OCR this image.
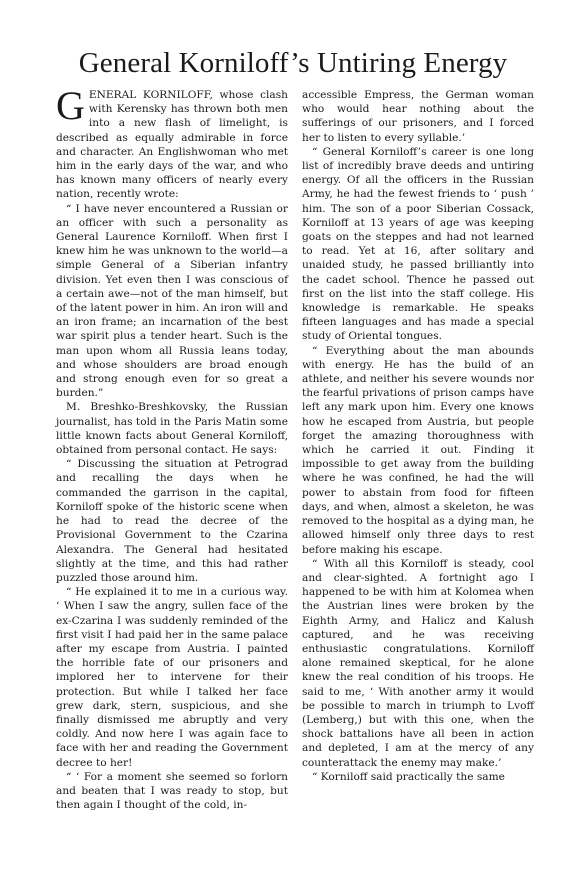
General Korniloff’s Untiring Energy

GENERAL KORNILOFF, whose clash with Kerensky has thrown both men into a new flash of limelight, is described as equally admirable in force and character. An Englishwoman who met him in the early days of the war, and who has known many officers of nearly every nation, recently wrote:

“ I have never encountered a Russian or an officer with such a personality as General Laurence Korniloff. When first I knew him he was unknown to the world—a simple General of a Siberian infantry division. Yet even then I was conscious of a certain awe—not of the man himself, but of the latent power in him. An iron will and an iron frame; an incarnation of the best war spirit plus a tender heart. Such is the man upon whom all Russia leans today, and whose shoulders are broad enough and strong enough even for so great a burden.”

M. Breshko-Breshkovsky, the Russian journalist, has told in the Paris Matin some little known facts about General Korniloff, obtained from personal contact. He says:

“ Discussing the situation at Petrograd and recalling the days when he commanded the garrison in the capital, Korniloff spoke of the historic scene when he had to read the decree of the Provisional Government to the Czarina Alexandra. The General had hesitated slightly at the time, and this had rather puzzled those around him.

“ He explained it to me in a curious way. ‘ When I saw the angry, sullen face of the ex-Czarina I was suddenly reminded of the first visit I had paid her in the same palace after my escape from Austria. I painted the horrible fate of our prisoners and implored her to intervene for their protection. But while I talked her face grew dark, stern, suspicious, and she finally dismissed me abruptly and very coldly. And now here I was again face to face with her and reading the Government decree to her!

“ ‘ For a moment she seemed so forlorn and beaten that I was ready to stop, but then again I thought of the cold, in-

accessible Empress, the German woman who would hear nothing about the sufferings of our prisoners, and I forced her to listen to every syllable.’

“ General Korniloff’s career is one long list of incredibly brave deeds and untiring energy. Of all the officers in the Russian Army, he had the fewest friends to ‘ push ’ him. The son of a poor Siberian Cossack, Korniloff at 13 years of age was keeping goats on the steppes and had not learned to read. Yet at 16, after solitary and unaided study, he passed brilliantly into the cadet school. Thence he passed out first on the list into the staff college. His knowledge is remarkable. He speaks fifteen languages and has made a special study of Oriental tongues.

“ Everything about the man abounds with energy. He has the build of an athlete, and neither his severe wounds nor the fearful privations of prison camps have left any mark upon him. Every one knows how he escaped from Austria, but people forget the amazing thoroughness with which he carried it out. Finding it impossible to get away from the building where he was confined, he had the will power to abstain from food for fifteen days, and when, almost a skeleton, he was removed to the hospital as a dying man, he allowed himself only three days to rest before making his escape.

“ With all this Korniloff is steady, cool and clear-sighted. A fortnight ago I happened to be with him at Kolomea when the Austrian lines were broken by the Eighth Army, and Halicz and Kalush captured, and he was receiving enthusiastic congratulations. Korniloff alone remained skeptical, for he alone knew the real condition of his troops. He said to me, ‘ With another army it would be possible to march in triumph to Lvoff (Lemberg,) but with this one, when the shock battalions have all been in action and depleted, I am at the mercy of any counterattack the enemy may make.’

“ Korniloff said practically the same
